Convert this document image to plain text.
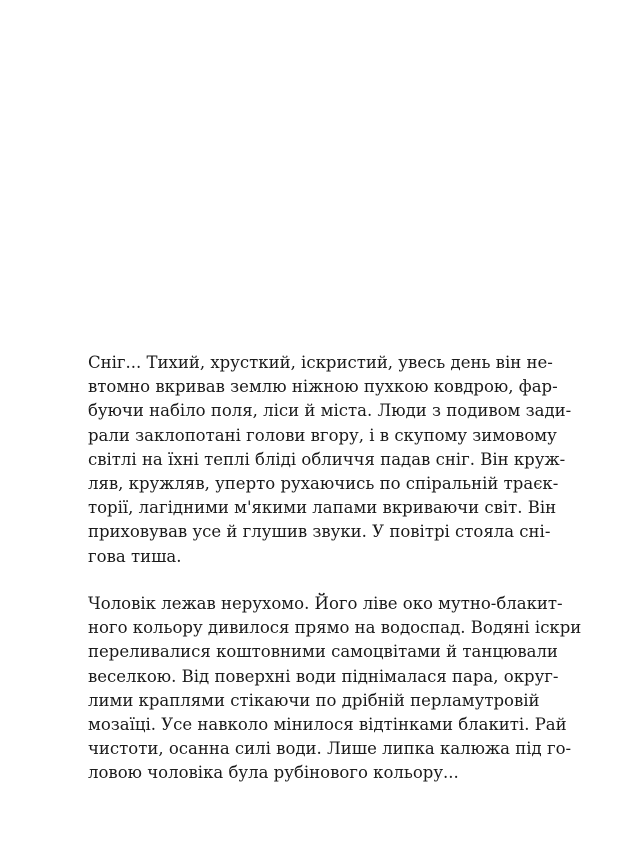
Сніг... Тихий, хрусткий, іскристий, увесь день він не-
втомно вкривав землю ніжною пухкою ковдрою, фар-
буючи набіло поля, ліси й міста. Люди з подивом зади-
рали заклопотані голови вгору, і в скупому зимовому
світлі на їхні теплі бліді обличчя падав сніг. Він круж-
ляв, кружляв, уперто рухаючись по спіральній траєк-
торії, лагідними м'якими лапами вкриваючи світ. Він
приховував усе й глушив звуки. У повітрі стояла сні-
гова тиша.
Чоловік лежав нерухомо. Його ліве око мутно-блакит-
ного кольору дивилося прямо на водоспад. Водяні іскри
переливалися коштовними самоцвітами й танцювали
веселкою. Від поверхні води піднімалася пара, округ-
лими краплями стікаючи по дрібній перламутровій
мозаїці. Усе навколо мінилося відтінками блакиті. Рай
чистоти, осанна силі води. Лише липка калюжа під го-
ловою чоловіка була рубінового кольору...
